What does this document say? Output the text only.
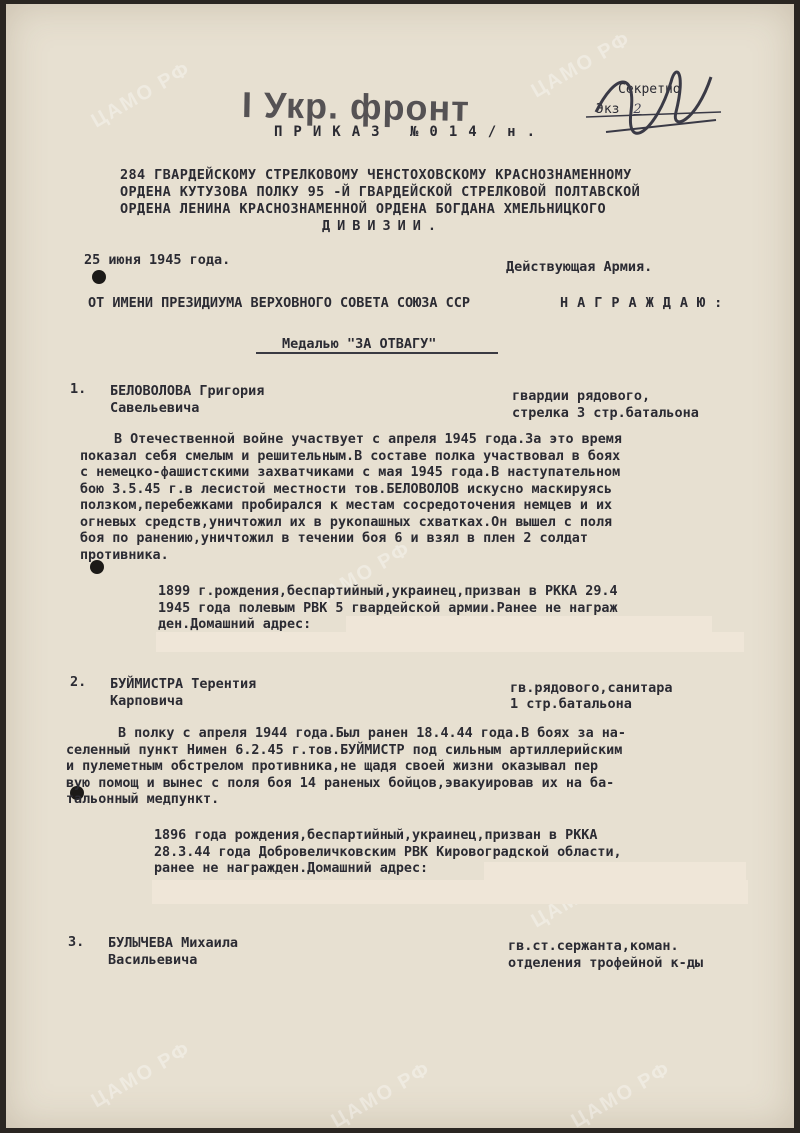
ЦАМО РФ	ЦАМО РФ
ЦАМО РФ
ЦАМО РФ	ЦАМО РФ	ЦАМО РФ
I Укр. фронт	Секретно
Экз 2
ПРИКАЗ №014/н.
284 ГВАРДЕЙСКОМУ СТРЕЛКОВОМУ ЧЕНСТОХОВСКОМУ КРАСНОЗНАМЕННОМУ
ОРДЕНА КУТУЗОВА ПОЛКУ 95 -Й ГВАРДЕЙСКОЙ СТРЕЛКОВОЙ ПОЛТАВСКОЙ
ОРДЕНА ЛЕНИНА КРАСНОЗНАМЕННОЙ ОРДЕНА БОГДАНА ХМЕЛЬНИЦКОГО
ДИВИЗИИ.
25 июня 1945 года.	Действующая Армия.
ОТ ИМЕНИ ПРЕЗИДИУМА ВЕРХОВНОГО СОВЕТА СОЮЗА ССР	НАГРАЖДАЮ:
Медалью "ЗА ОТВАГУ"
1. БЕЛОВОЛОВА Григория
Савельевича
гвардии рядового,
стрелка 3 стр.батальона
В Отечественной войне участвует с апреля 1945 года.За это время
показал себя смелым и решительным.В составе полка участвовал в боях
с немецко-фашистскими захватчиками с мая 1945 года.В наступательном
бою 3.5.45 г.в лесистой местности тов.БЕЛОВОЛОВ искусно маскируясь
ползком,перебежками пробирался к местам сосредоточения немцев и их
огневых средств,уничтожил их в рукопашных схватках.Он вышел с поля
боя по ранению,уничтожил в течении боя 6 и взял в плен 2 солдат
противника.
1899 г.рождения,беспартийный,украинец,призван в РККА 29.4
1945 года полевым РВК 5 гвардейской армии.Ранее не награж
ден.Домашний адрес:
2. БУЙМИСТРА Терентия
Карповича
гв.рядового,санитара
1 стр.батальона
В полку с апреля 1944 года.Был ранен 18.4.44 года.В боях за на-
селенный пункт Нимен 6.2.45 г.тов.БУЙМИСТР под сильным артиллерийским
и пулеметным обстрелом противника,не щадя своей жизни оказывал пер
вую помощ и вынес с поля боя 14 раненых бойцов,эвакуировав их на ба-
тальонный медпункт.
1896 года рождения,беспартийный,украинец,призван в РККА
28.3.44 года Добровеличковским РВК Кировоградской области,
ранее не награжден.Домашний адрес:
3. БУЛЫЧЕВА Михаила
Васильевича
гв.ст.сержанта,коман.
отделения трофейной к-ды
